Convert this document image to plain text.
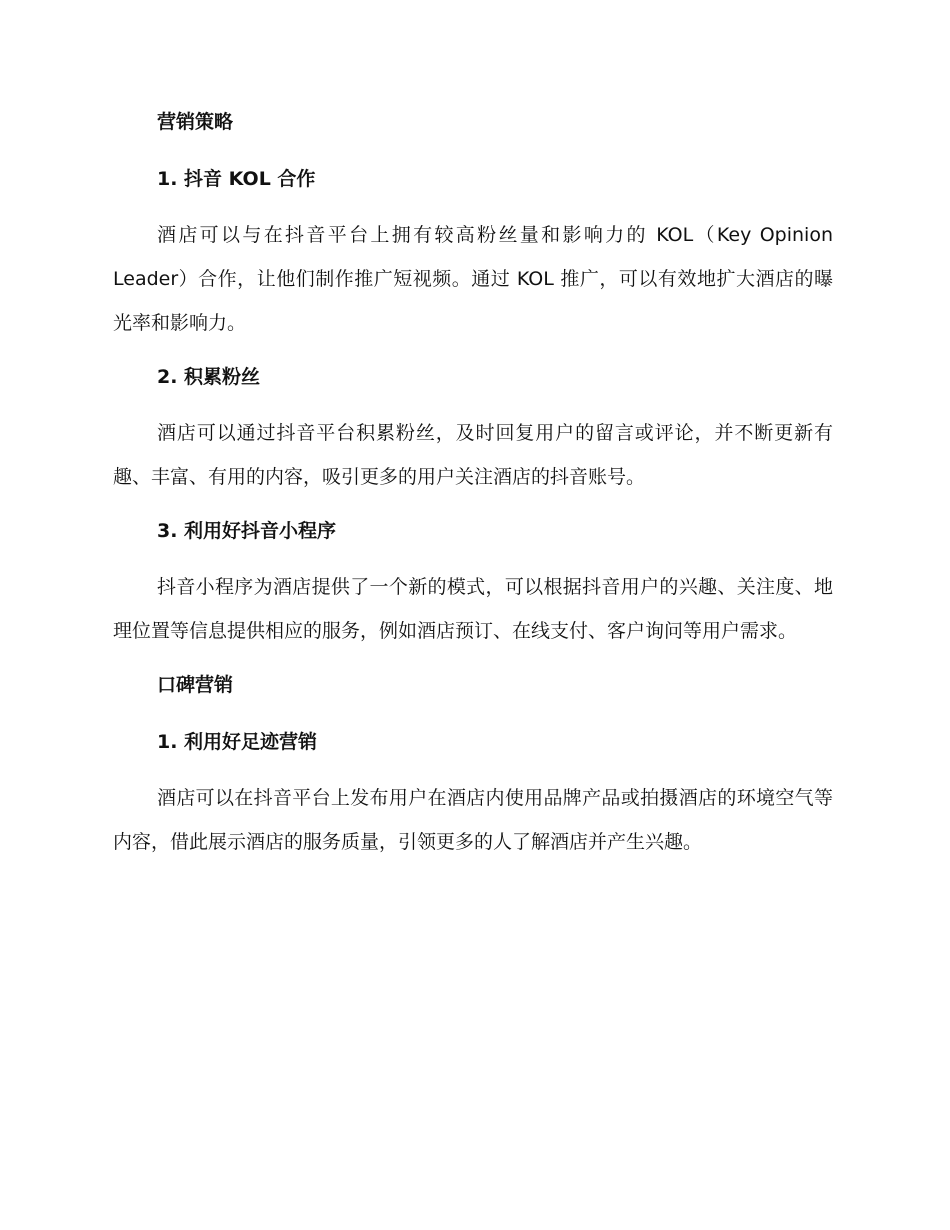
营销策略
1. 抖音 KOL 合作

酒店可以与在抖音平台上拥有较高粉丝量和影响力的 KOL（Key Opinion Leader）合作，让他们制作推广短视频。通过 KOL 推广，可以有效地扩大酒店的曝光率和影响力。

2. 积累粉丝

酒店可以通过抖音平台积累粉丝，及时回复用户的留言或评论，并不断更新有趣、丰富、有用的内容，吸引更多的用户关注酒店的抖音账号。

3. 利用好抖音小程序

抖音小程序为酒店提供了一个新的模式，可以根据抖音用户的兴趣、关注度、地理位置等信息提供相应的服务，例如酒店预订、在线支付、客户询问等用户需求。

口碑营销
1. 利用好足迹营销

酒店可以在抖音平台上发布用户在酒店内使用品牌产品或拍摄酒店的环境空气等内容，借此展示酒店的服务质量，引领更多的人了解酒店并产生兴趣。
